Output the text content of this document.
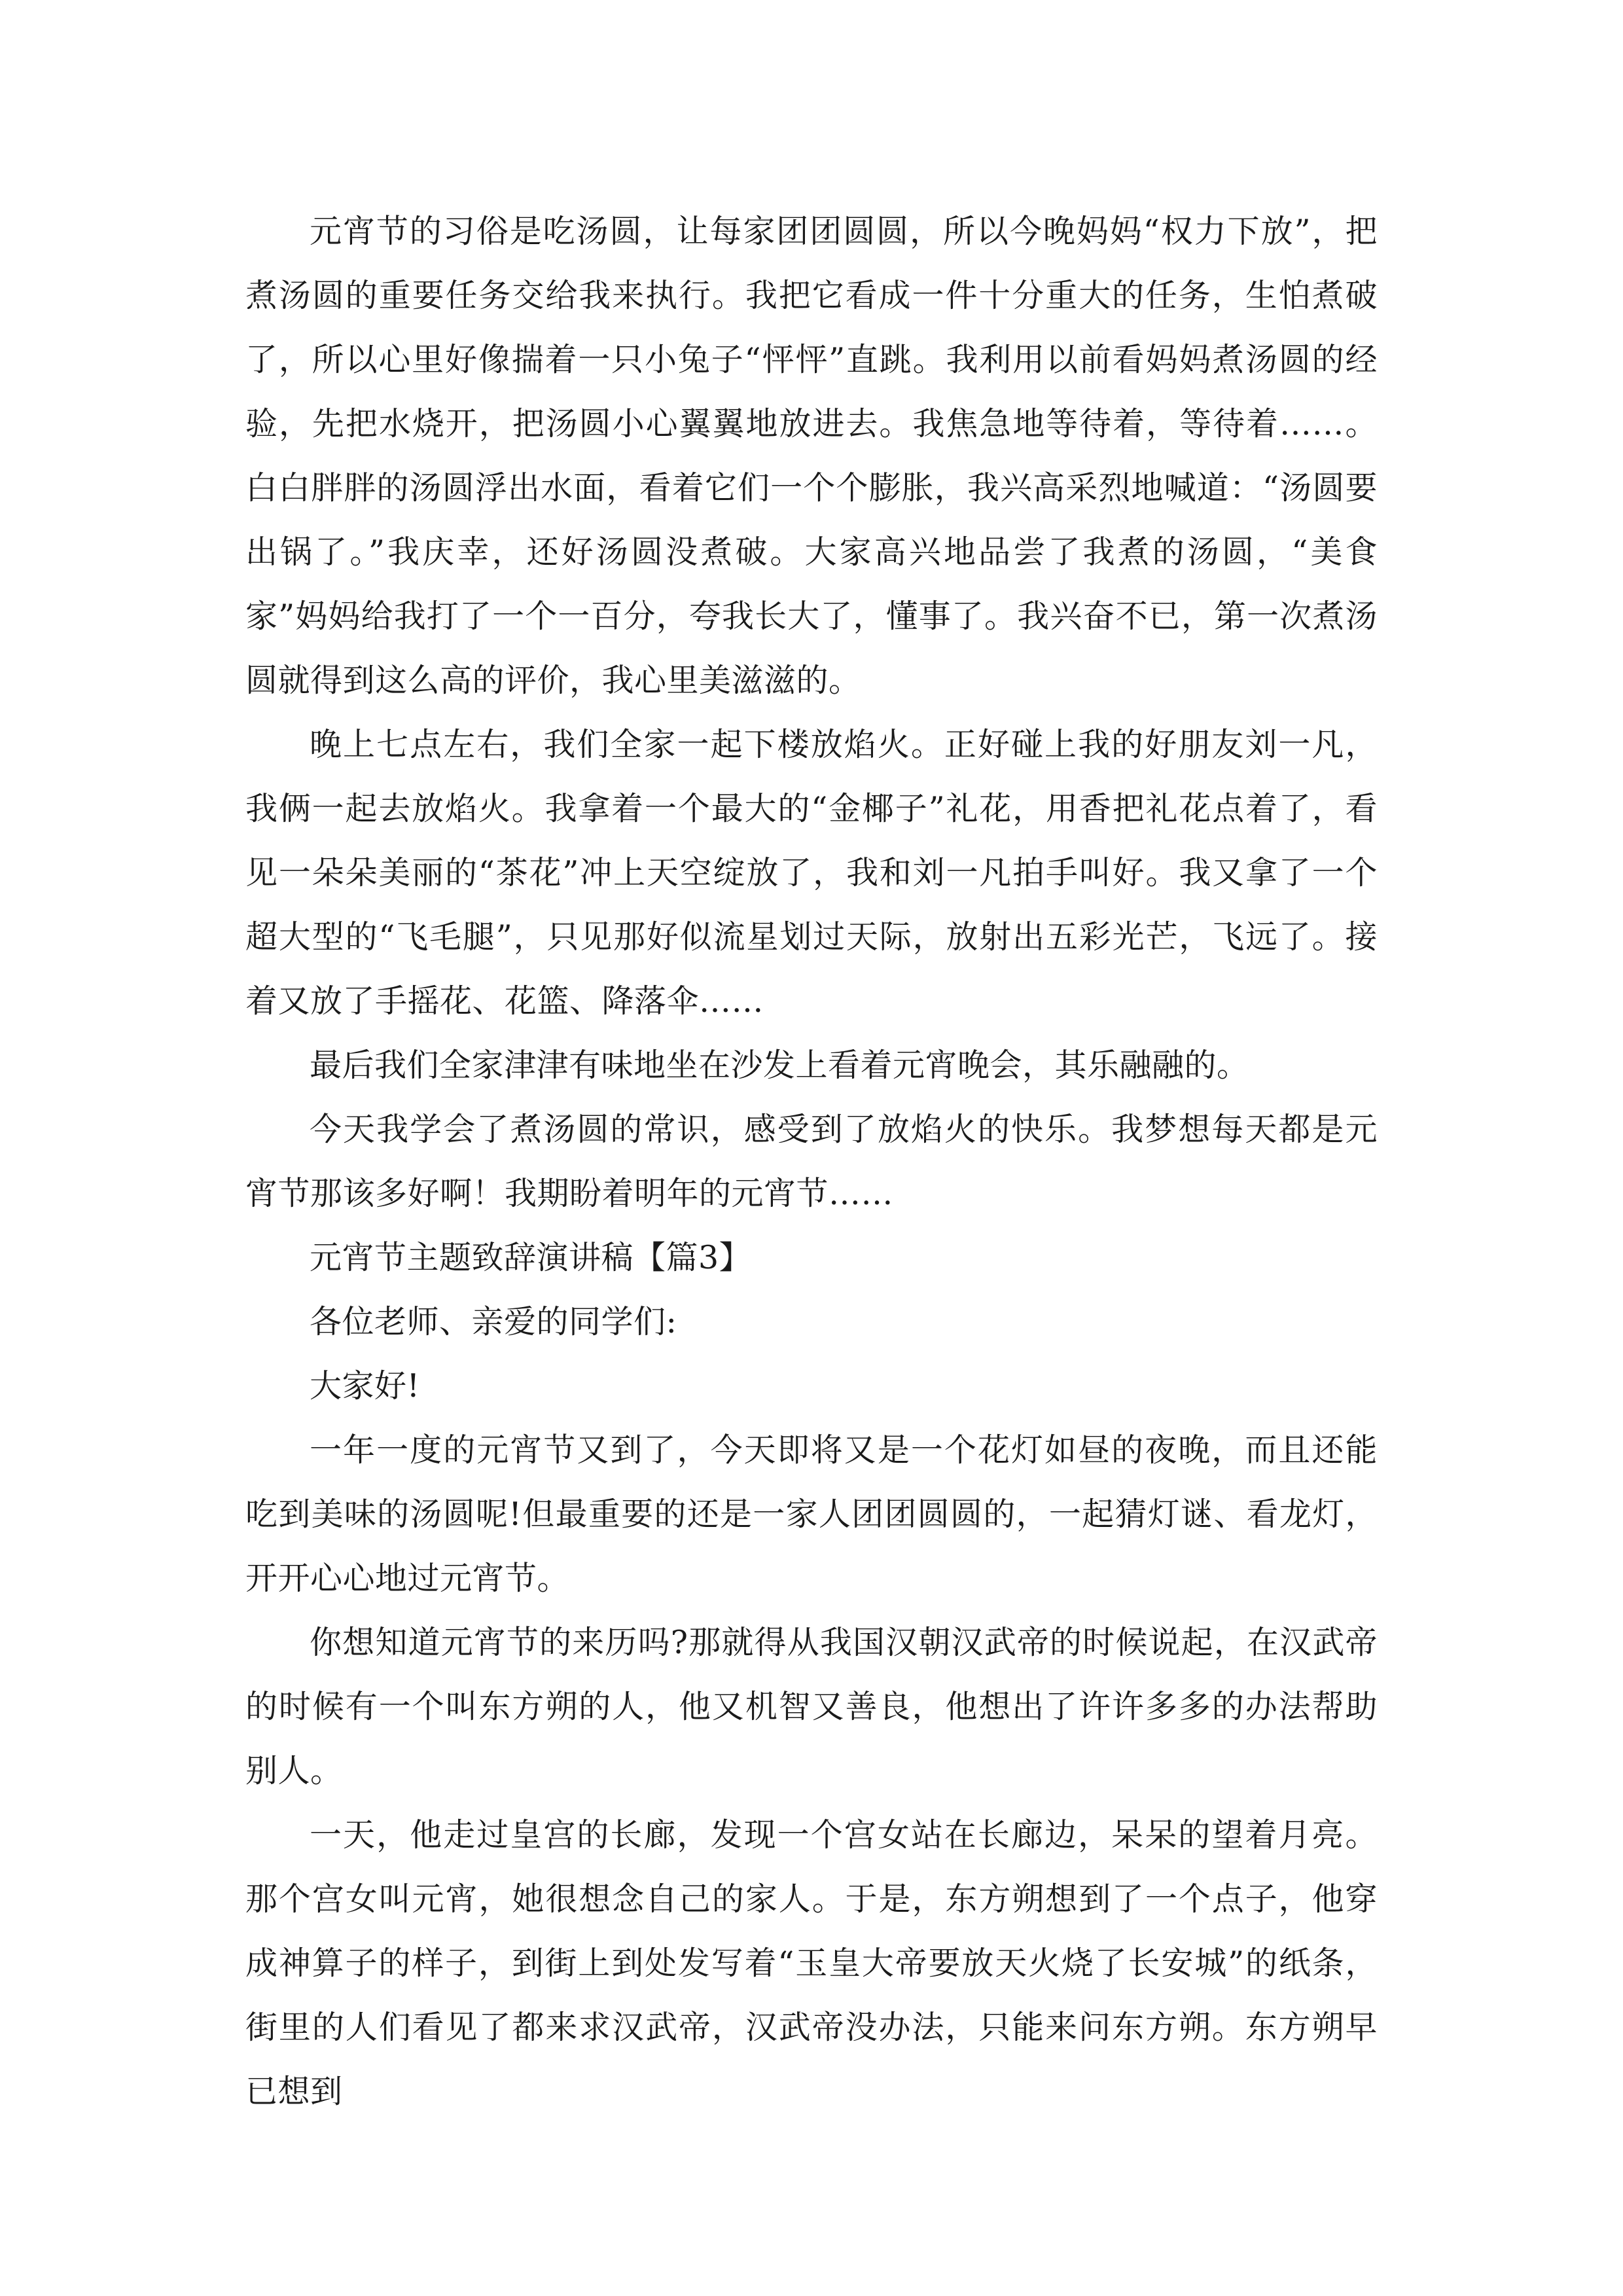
元宵节的习俗是吃汤圆，让每家团团圆圆，所以今晚妈妈“权力下放”，把煮汤圆的重要任务交给我来执行。我把它看成一件十分重大的任务，生怕煮破了，所以心里好像揣着一只小兔子“怦怦”直跳。我利用以前看妈妈煮汤圆的经验，先把水烧开，把汤圆小心翼翼地放进去。我焦急地等待着，等待着……。白白胖胖的汤圆浮出水面，看着它们一个个膨胀，我兴高采烈地喊道：“汤圆要出锅了。”我庆幸，还好汤圆没煮破。大家高兴地品尝了我煮的汤圆，“美食家”妈妈给我打了一个一百分，夸我长大了，懂事了。我兴奋不已，第一次煮汤圆就得到这么高的评价，我心里美滋滋的。

晚上七点左右，我们全家一起下楼放焰火。正好碰上我的好朋友刘一凡，我俩一起去放焰火。我拿着一个最大的“金椰子”礼花，用香把礼花点着了，看见一朵朵美丽的“茶花”冲上天空绽放了，我和刘一凡拍手叫好。我又拿了一个超大型的“飞毛腿”，只见那好似流星划过天际，放射出五彩光芒，飞远了。接着又放了手摇花、花篮、降落伞……

最后我们全家津津有味地坐在沙发上看着元宵晚会，其乐融融的。

今天我学会了煮汤圆的常识，感受到了放焰火的快乐。我梦想每天都是元宵节那该多好啊！我期盼着明年的元宵节……

元宵节主题致辞演讲稿【篇3】

各位老师、亲爱的同学们:

大家好!

一年一度的元宵节又到了，今天即将又是一个花灯如昼的夜晚，而且还能吃到美味的汤圆呢!但最重要的还是一家人团团圆圆的，一起猜灯谜、看龙灯，开开心心地过元宵节。

你想知道元宵节的来历吗?那就得从我国汉朝汉武帝的时候说起，在汉武帝的时候有一个叫东方朔的人，他又机智又善良，他想出了许许多多的办法帮助别人。

一天，他走过皇宫的长廊，发现一个宫女站在长廊边，呆呆的望着月亮。那个宫女叫元宵，她很想念自己的家人。于是，东方朔想到了一个点子，他穿成神算子的样子，到街上到处发写着“玉皇大帝要放天火烧了长安城”的纸条，街里的人们看见了都来求汉武帝，汉武帝没办法，只能来问东方朔。东方朔早已想到
